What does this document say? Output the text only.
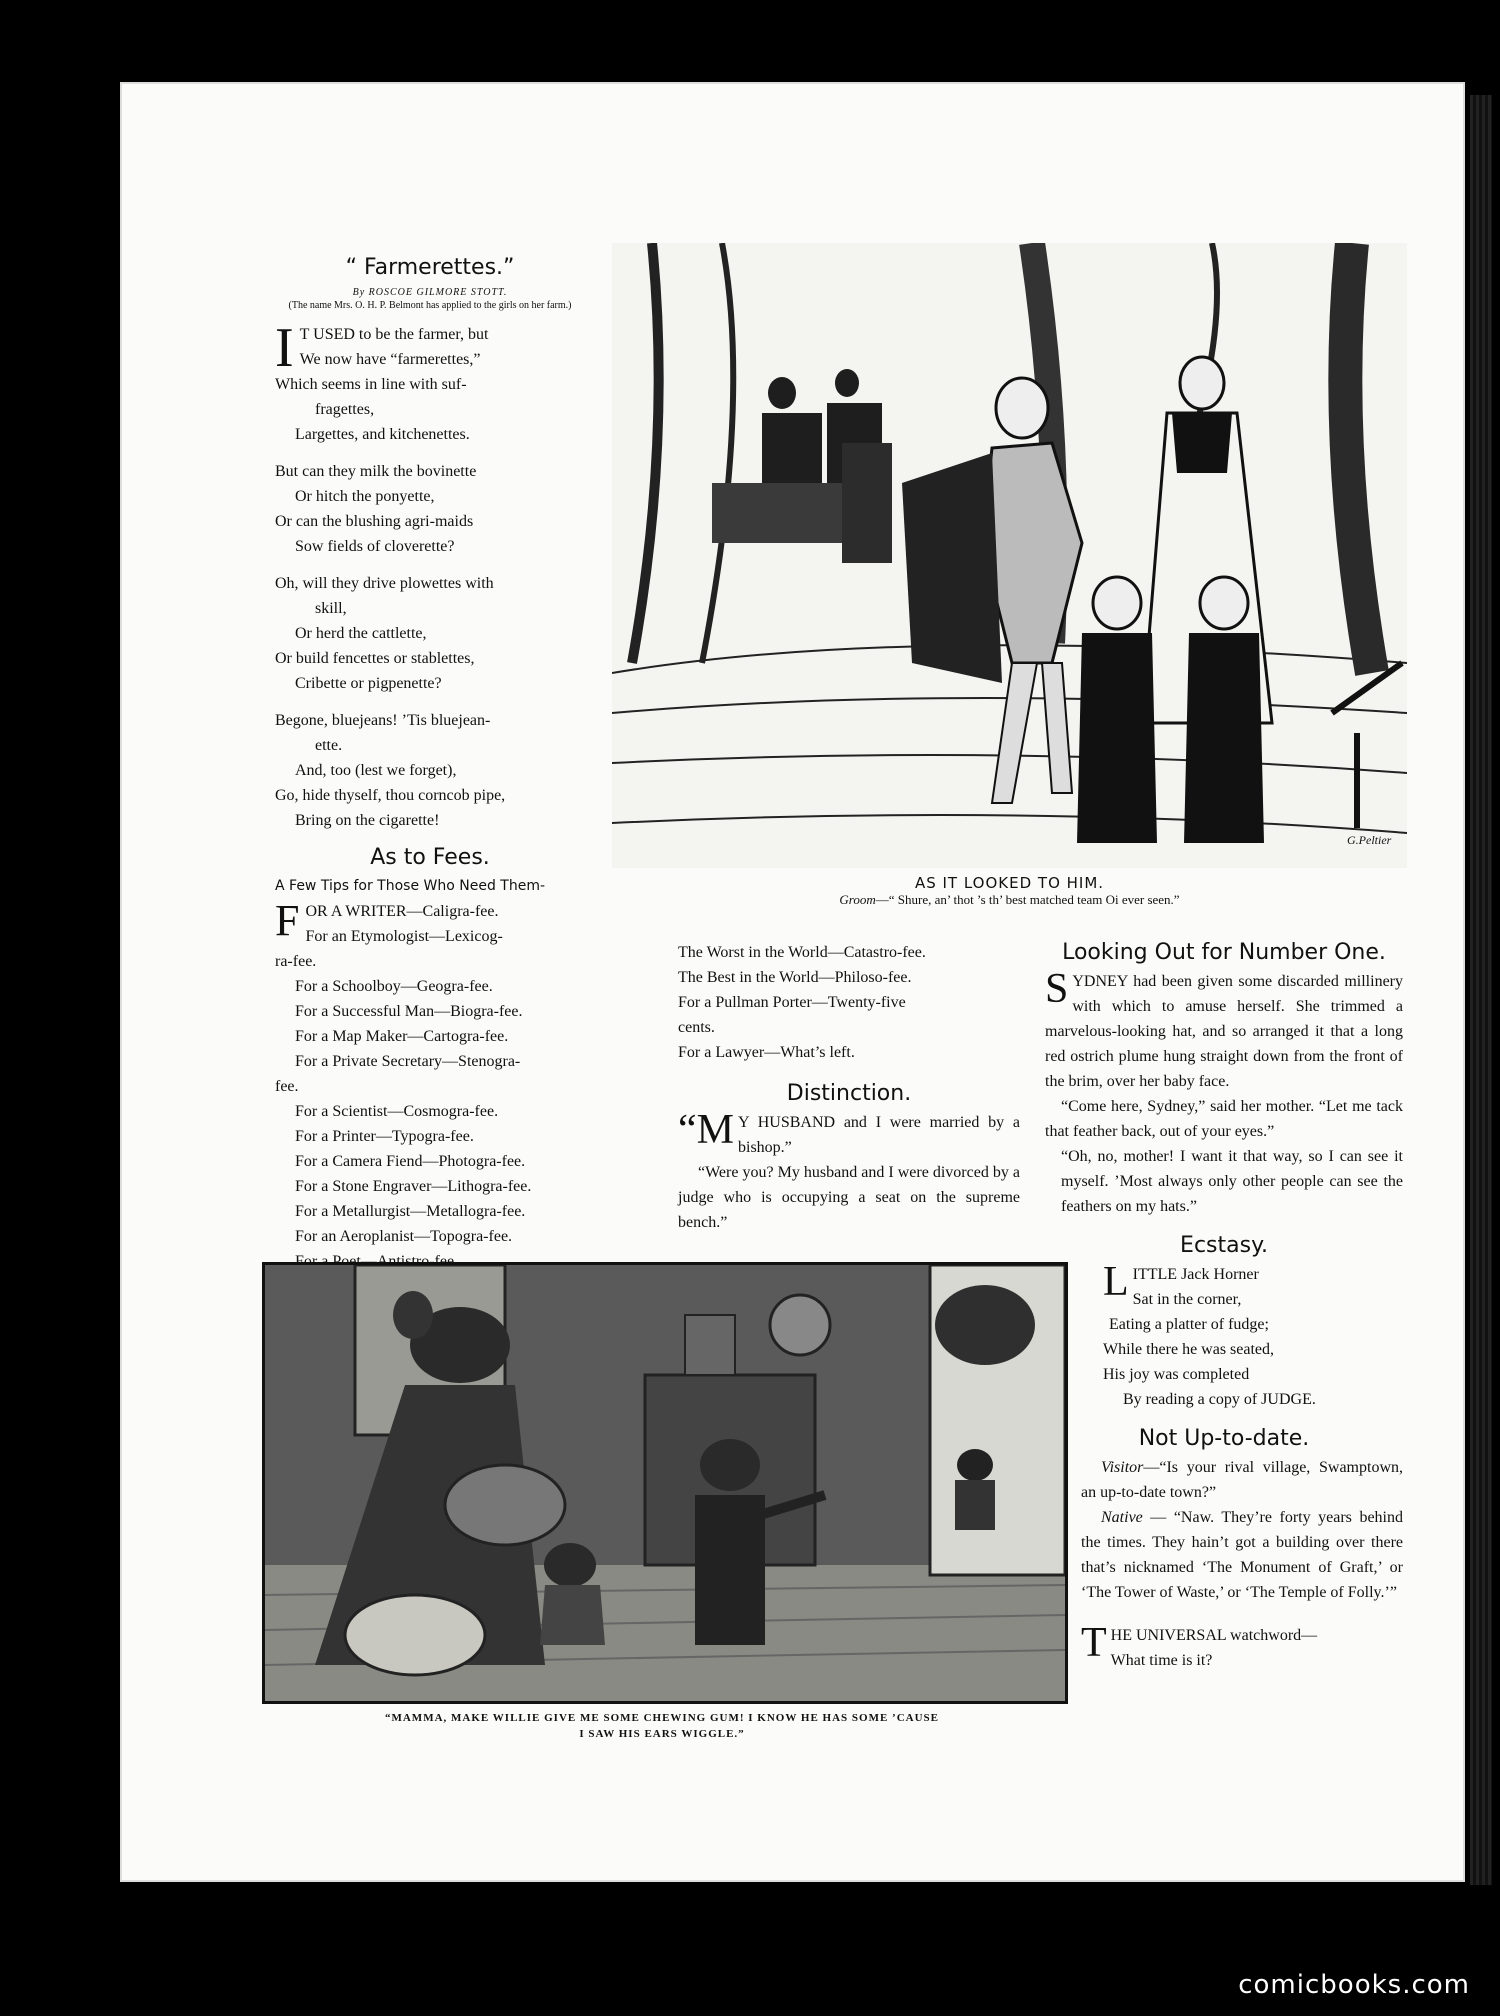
“ Farmerettes.”
By ROSCOE GILMORE STOTT.
(The name Mrs. O. H. P. Belmont has applied to the girls on her farm.)
I T USED to be the farmer, but

We now have “farmerettes,”

Which seems in line with suf-

fragettes,

Largettes, and kitchenettes.

But can they milk the bovinette

Or hitch the ponyette,

Or can the blushing agri-maids

Sow fields of cloverette?

Oh, will they drive plowettes with

skill,

Or herd the cattlette,

Or build fencettes or stablettes,

Cribette or pigpenette?

Begone, bluejeans! ’Tis bluejean-

ette.

And, too (lest we forget),

Go, hide thyself, thou corncob pipe,

Bring on the cigarette!

As to Fees.

A Few Tips for Those Who Need Them-

F OR A WRITER—Caligra-fee.

For an Etymologist—Lexicog-

ra-fee.

For a Schoolboy—Geogra-fee.

For a Successful Man—Biogra-fee.

For a Map Maker—Cartogra-fee.

For a Private Secretary—Stenogra-

fee.

For a Scientist—Cosmogra-fee.

For a Printer—Typogra-fee.

For a Camera Fiend—Photogra-fee.

For a Stone Engraver—Lithogra-fee.

For a Metallurgist—Metallogra-fee.

For an Aeroplanist—Topogra-fee.

G.Peltier
AS IT LOOKED TO HIM.
Groom—“ Shure, an’ thot ’s th’ best matched team Oi ever seen.”

The Worst in the World—Catastro-fee.

The Best in the World—Philoso-fee.

For a Pullman Porter—Twenty-five

cents.

For a Lawyer—What’s left.

Distinction.
“M Y HUSBAND and I were married by a bishop.”

“Were you? My husband and I were divorced by a judge who is occupying a seat on the supreme bench.”

Looking Out for Number One.
S YDNEY had been given some discarded millinery with which to amuse herself. She trimmed a marvelous-looking hat, and so arranged it that a long red ostrich plume hung straight down from the front of the brim, over her baby face.

“Come here, Sydney,” said her mother. “Let me tack that feather back, out of your eyes.”

“Oh, no, mother! I want it that way, so I can see it myself. ’Most always only other people can see the feathers on my hats.”

Ecstasy.
L ITTLE Jack Horner

Sat in the corner,

Eating a platter of fudge;

While there he was seated,

His joy was completed

By reading a copy of JUDGE.

Not Up-to-date.

Visitor—“Is your rival village, Swamptown, an up-to-date town?”

Native — “Naw. They’re forty years behind the times. They hain’t got a building over there that’s nicknamed ‘The Monument of Graft,’ or ‘The Tower of Waste,’ or ‘The Temple of Folly.’”

T HE UNIVERSAL watchword—

What time is it?

“MAMMA, MAKE WILLIE GIVE ME SOME CHEWING GUM! I KNOW HE HAS SOME ’CAUSE
I SAW HIS EARS WIGGLE.”
comicbooks.com
